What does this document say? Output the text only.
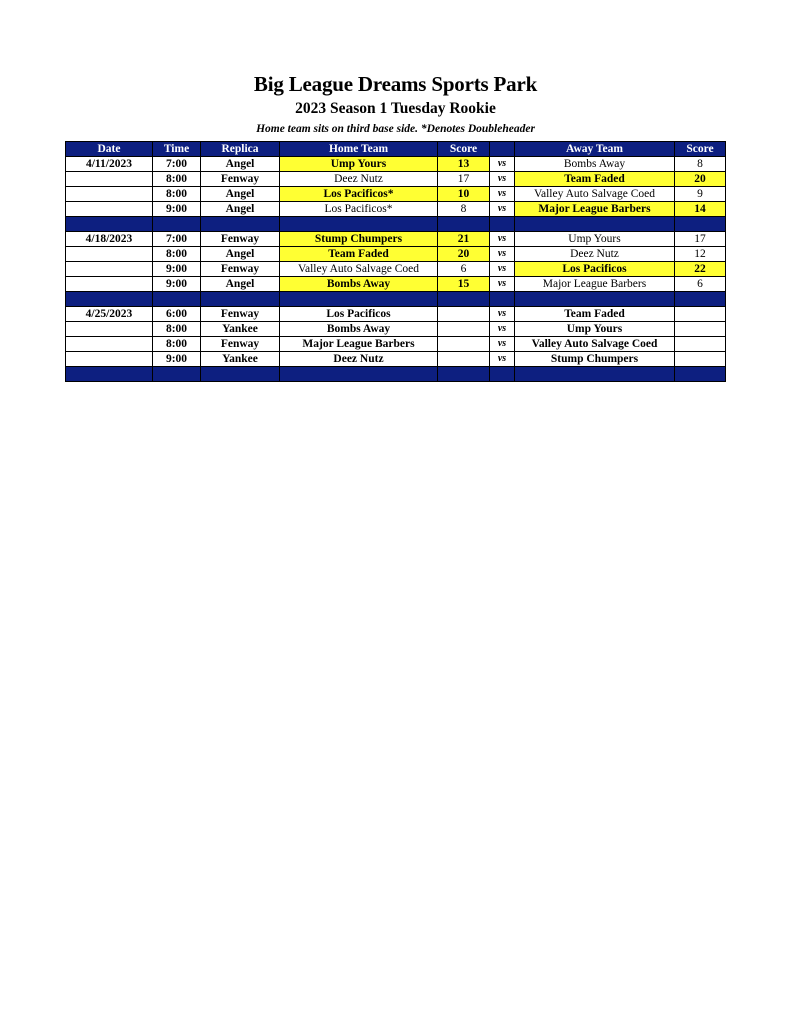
Big League Dreams Sports Park
2023 Season 1 Tuesday Rookie
Home team sits on third base side. *Denotes Doubleheader
Date	Time	Replica	Home Team	Score		Away Team	Score
4/11/2023	7:00	Angel	Ump Yours	13	vs	Bombs Away	8
	8:00	Fenway	Deez Nutz	17	vs	Team Faded	20
	8:00	Angel	Los Pacificos*	10	vs	Valley Auto Salvage Coed	9
	9:00	Angel	Los Pacificos*	8	vs	Major League Barbers	14

4/18/2023	7:00	Fenway	Stump Chumpers	21	vs	Ump Yours	17
	8:00	Angel	Team Faded	20	vs	Deez Nutz	12
	9:00	Fenway	Valley Auto Salvage Coed	6	vs	Los Pacificos	22
	9:00	Angel	Bombs Away	15	vs	Major League Barbers	6

4/25/2023	6:00	Fenway	Los Pacificos		vs	Team Faded	
	8:00	Yankee	Bombs Away		vs	Ump Yours	
	8:00	Fenway	Major League Barbers		vs	Valley Auto Salvage Coed	
	9:00	Yankee	Deez Nutz		vs	Stump Chumpers	
